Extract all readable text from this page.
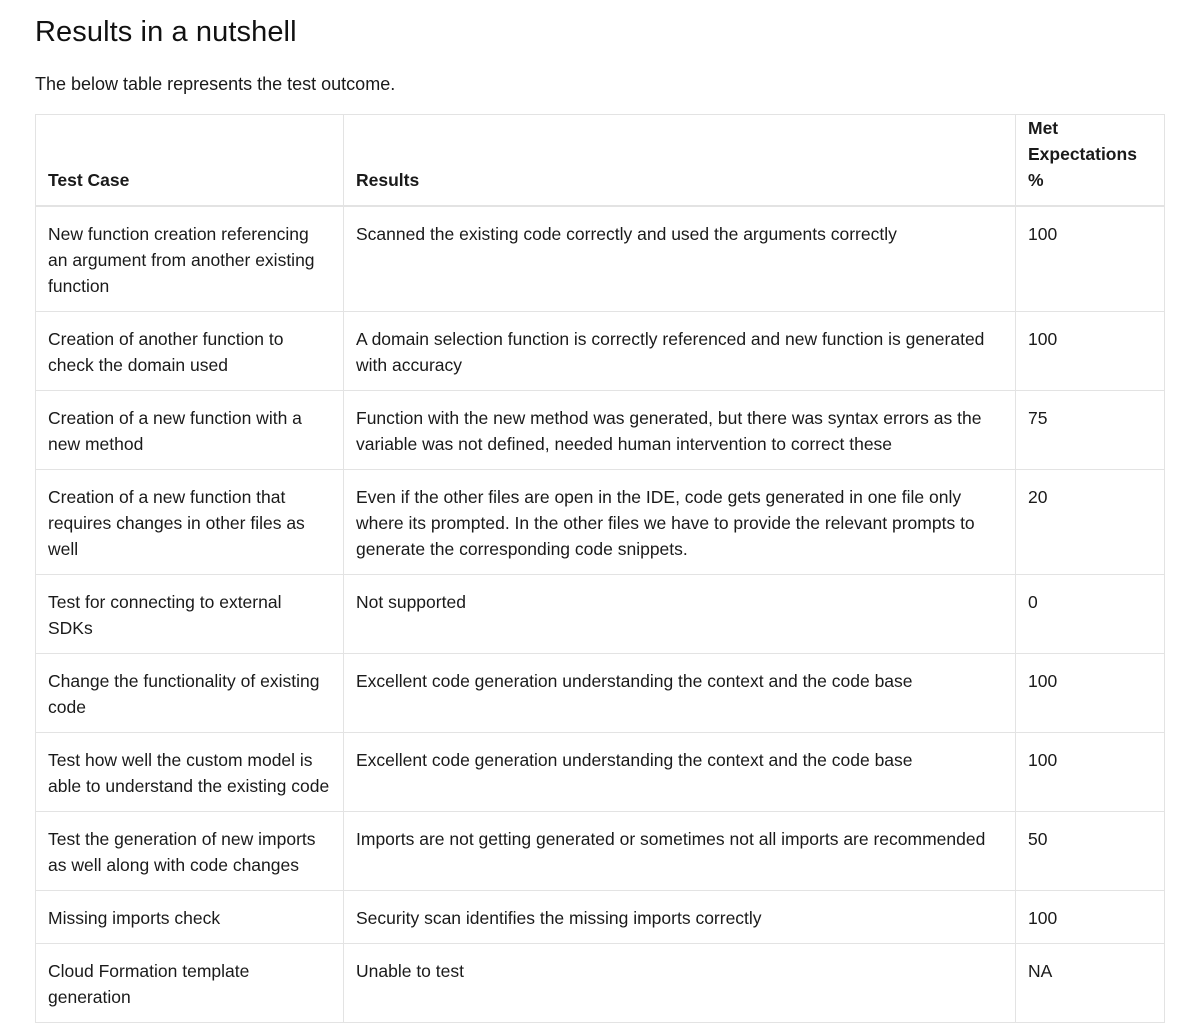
Results in a nutshell
The below table represents the test outcome.
Test Case	Results	Met Expectations %
New function creation referencing an argument from another existing function	Scanned the existing code correctly and used the arguments correctly	100
Creation of another function to check the domain used	A domain selection function is correctly referenced and new function is generated with accuracy	100
Creation of a new function with a new method	Function with the new method was generated, but there was syntax errors as the variable was not defined, needed human intervention to correct these	75
Creation of a new function that requires changes in other files as well	Even if the other files are open in the IDE, code gets generated in one file only where its prompted. In the other files we have to provide the relevant prompts to generate the corresponding code snippets.	20
Test for connecting to external SDKs	Not supported	0
Change the functionality of existing code	Excellent code generation understanding the context and the code base	100
Test how well the custom model is able to understand the existing code	Excellent code generation understanding the context and the code base	100
Test the generation of new imports as well along with code changes	Imports are not getting generated or sometimes not all imports are recommended	50
Missing imports check	Security scan identifies the missing imports correctly	100
Cloud Formation template generation	Unable to test	NA
